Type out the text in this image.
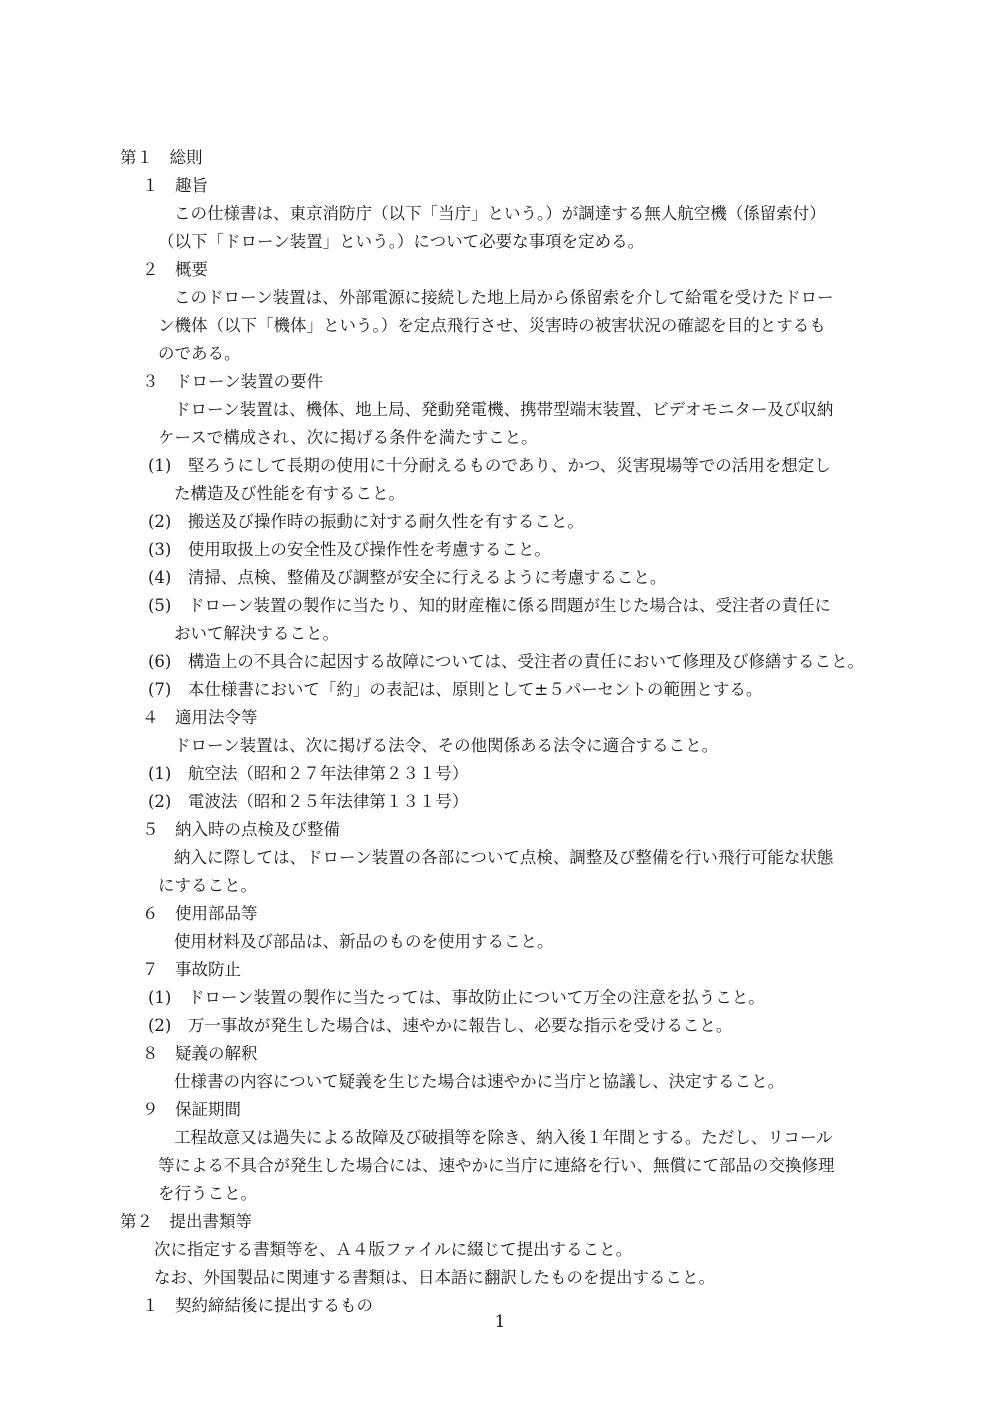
第１　総則
１　趣旨
この仕様書は、東京消防庁（以下「当庁」という。）が調達する無人航空機（係留索付）
（以下「ドローン装置」という。）について必要な事項を定める。
２　概要
このドローン装置は、外部電源に接続した地上局から係留索を介して給電を受けたドロー
ン機体（以下「機体」という。）を定点飛行させ、災害時の被害状況の確認を目的とするも
のである。
３　ドローン装置の要件
ドローン装置は、機体、地上局、発動発電機、携帯型端末装置、ビデオモニター及び収納
ケースで構成され、次に掲げる条件を満たすこと。
(1)　堅ろうにして長期の使用に十分耐えるものであり、かつ、災害現場等での活用を想定し
た構造及び性能を有すること。
(2)　搬送及び操作時の振動に対する耐久性を有すること。
(3)　使用取扱上の安全性及び操作性を考慮すること。
(4)　清掃、点検、整備及び調整が安全に行えるように考慮すること。
(5)　ドローン装置の製作に当たり、知的財産権に係る問題が生じた場合は、受注者の責任に
おいて解決すること。
(6)　構造上の不具合に起因する故障については、受注者の責任において修理及び修繕すること。
(7)　本仕様書において「約」の表記は、原則として±５パーセントの範囲とする。
４　適用法令等
ドローン装置は、次に掲げる法令、その他関係ある法令に適合すること。
(1)　航空法（昭和２７年法律第２３１号）
(2)　電波法（昭和２５年法律第１３１号）
５　納入時の点検及び整備
納入に際しては、ドローン装置の各部について点検、調整及び整備を行い飛行可能な状態
にすること。
６　使用部品等
使用材料及び部品は、新品のものを使用すること。
７　事故防止
(1)　ドローン装置の製作に当たっては、事故防止について万全の注意を払うこと。
(2)　万一事故が発生した場合は、速やかに報告し、必要な指示を受けること。
８　疑義の解釈
仕様書の内容について疑義を生じた場合は速やかに当庁と協議し、決定すること。
９　保証期間
工程故意又は過失による故障及び破損等を除き、納入後１年間とする。ただし、リコール
等による不具合が発生した場合には、速やかに当庁に連絡を行い、無償にて部品の交換修理
を行うこと。
第２　提出書類等
次に指定する書類等を、Ａ４版ファイルに綴じて提出すること。
なお、外国製品に関連する書類は、日本語に翻訳したものを提出すること。
１　契約締結後に提出するもの
1
